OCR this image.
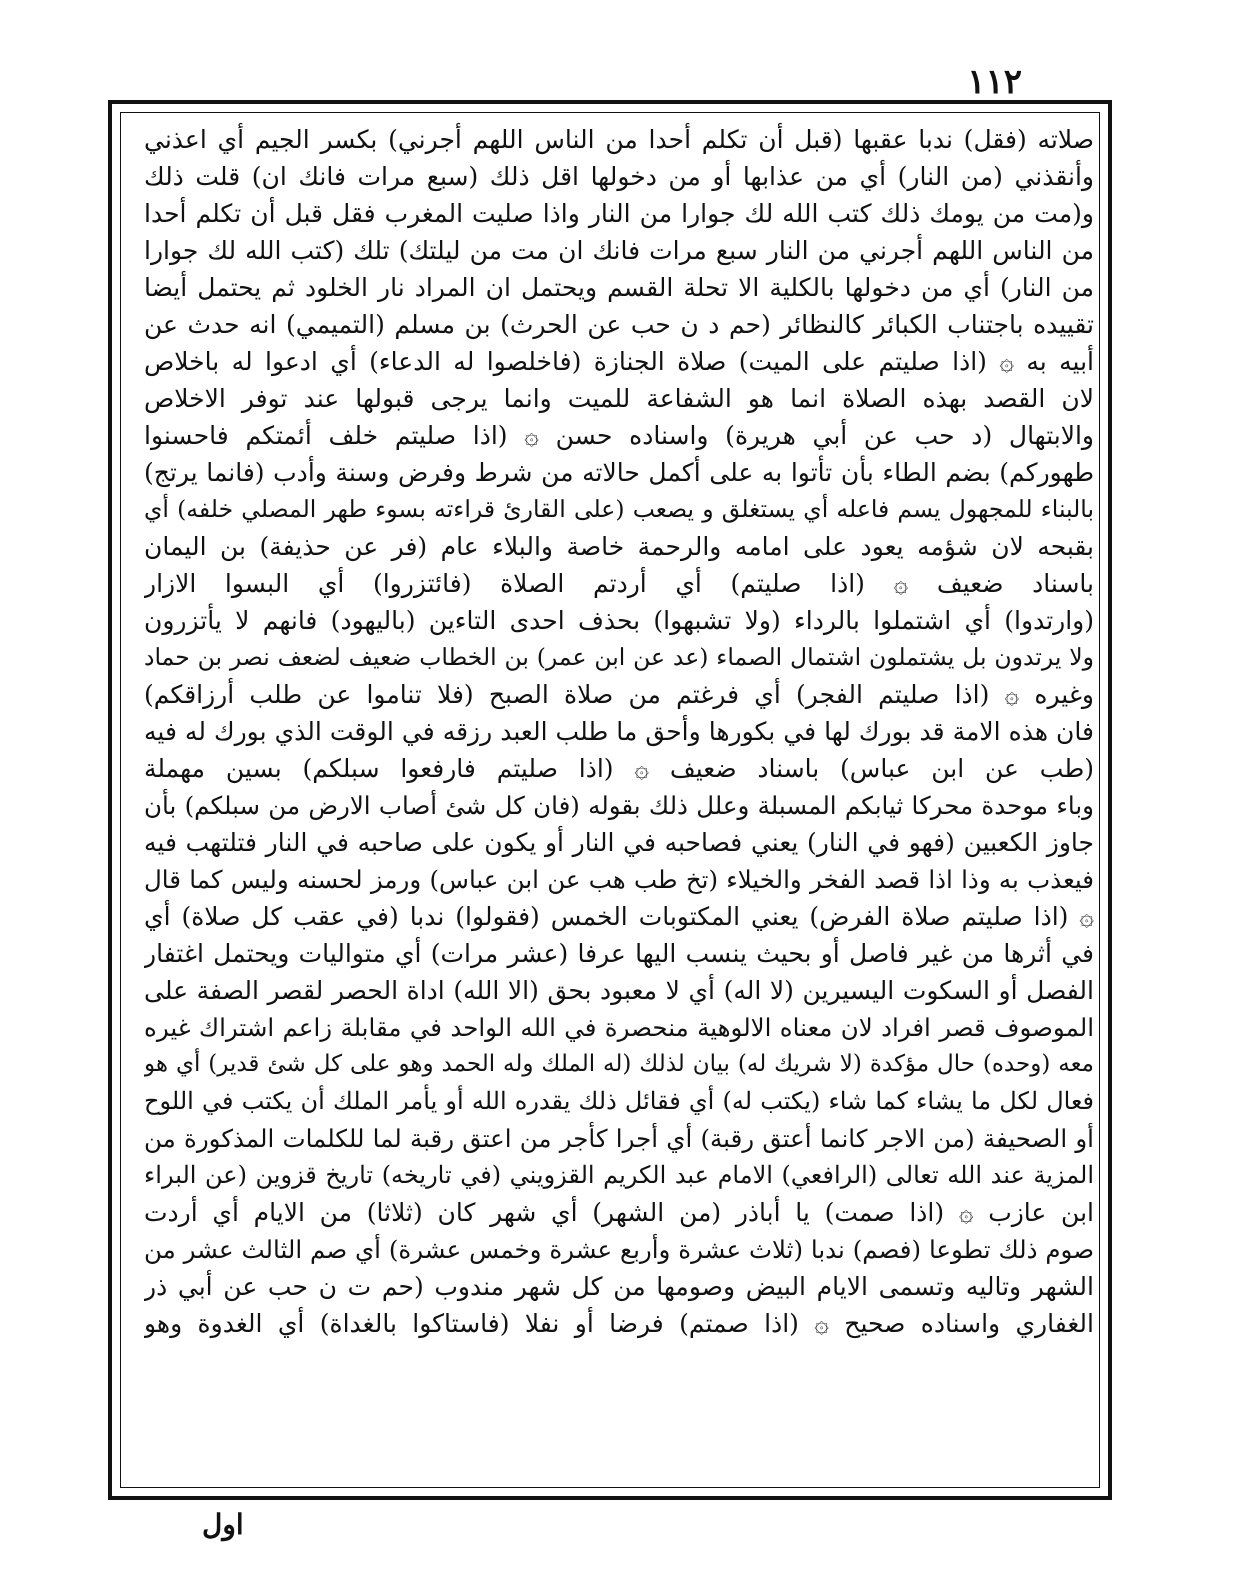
١١٢
صلاته (فقل) ندبا عقبها (قبل أن تكلم أحدا من الناس اللهم أجرني) بكسر الجيم أي اعذني
وأنقذني (من النار) أي من عذابها أو من دخولها اقل ذلك (سبع مرات فانك ان) قلت ذلك
و(مت من يومك ذلك كتب الله لك جوارا من النار واذا صليت المغرب فقل قبل أن تكلم أحدا
من الناس اللهم أجرني من النار سبع مرات فانك ان مت من ليلتك) تلك (كتب الله لك جوارا
من النار) أي من دخولها بالكلية الا تحلة القسم ويحتمل ان المراد نار الخلود ثم يحتمل أيضا
تقييده باجتناب الكبائر كالنظائر (حم د ن حب عن الحرث) بن مسلم (التميمي) انه حدث عن
أبيه به ۞ (اذا صليتم على الميت) صلاة الجنازة (فاخلصوا له الدعاء) أي ادعوا له باخلاص
لان القصد بهذه الصلاة انما هو الشفاعة للميت وانما يرجى قبولها عند توفر الاخلاص
والابتهال (د حب عن أبي هريرة) واسناده حسن ۞ (اذا صليتم خلف أئمتكم فاحسنوا
طهوركم) بضم الطاء بأن تأتوا به على أكمل حالاته من شرط وفرض وسنة وأدب (فانما يرتج)
بالبناء للمجهول يسم فاعله أي يستغلق و يصعب (على القارئ قراءته بسوء طهر المصلي خلفه) أي
بقبحه لان شؤمه يعود على امامه والرحمة خاصة والبلاء عام (فر عن حذيفة) بن اليمان
باسناد ضعيف ۞ (اذا صليتم) أي أردتم الصلاة (فائتزروا) أي البسوا الازار
(وارتدوا) أي اشتملوا بالرداء (ولا تشبهوا) بحذف احدى التاءين (باليهود) فانهم لا يأتزرون
ولا يرتدون بل يشتملون اشتمال الصماء (عد عن ابن عمر) بن الخطاب ضعيف لضعف نصر بن حماد
وغيره ۞ (اذا صليتم الفجر) أي فرغتم من صلاة الصبح (فلا تناموا عن طلب أرزاقكم)
فان هذه الامة قد بورك لها في بكورها وأحق ما طلب العبد رزقه في الوقت الذي بورك له فيه
(طب عن ابن عباس) باسناد ضعيف ۞ (اذا صليتم فارفعوا سبلكم) بسين مهملة
وباء موحدة محركا ثيابكم المسبلة وعلل ذلك بقوله (فان كل شئ أصاب الارض من سبلكم) بأن
جاوز الكعبين (فهو في النار) يعني فصاحبه في النار أو يكون على صاحبه في النار فتلتهب فيه
فيعذب به وذا اذا قصد الفخر والخيلاء (تخ طب هب عن ابن عباس) ورمز لحسنه وليس كما قال
۞ (اذا صليتم صلاة الفرض) يعني المكتوبات الخمس (فقولوا) ندبا (في عقب كل صلاة) أي
في أثرها من غير فاصل أو بحيث ينسب اليها عرفا (عشر مرات) أي متواليات ويحتمل اغتفار
الفصل أو السكوت اليسيرين (لا اله) أي لا معبود بحق (الا الله) اداة الحصر لقصر الصفة على
الموصوف قصر افراد لان معناه الالوهية منحصرة في الله الواحد في مقابلة زاعم اشتراك غيره
معه (وحده) حال مؤكدة (لا شريك له) بيان لذلك (له الملك وله الحمد وهو على كل شئ قدير) أي هو
فعال لكل ما يشاء كما شاء (يكتب له) أي فقائل ذلك يقدره الله أو يأمر الملك أن يكتب في اللوح
أو الصحيفة (من الاجر كانما أعتق رقبة) أي أجرا كأجر من اعتق رقبة لما للكلمات المذكورة من
المزية عند الله تعالى (الرافعي) الامام عبد الكريم القزويني (في تاريخه) تاريخ قزوين (عن البراء
ابن عازب ۞ (اذا صمت) يا أباذر (من الشهر) أي شهر كان (ثلاثا) من الايام أي أردت
صوم ذلك تطوعا (فصم) ندبا (ثلاث عشرة وأربع عشرة وخمس عشرة) أي صم الثالث عشر من
الشهر وتاليه وتسمى الايام البيض وصومها من كل شهر مندوب (حم ت ن حب عن أبي ذر
الغفاري واسناده صحيح ۞ (اذا صمتم) فرضا أو نفلا (فاستاكوا بالغداة) أي الغدوة وهو
اول
